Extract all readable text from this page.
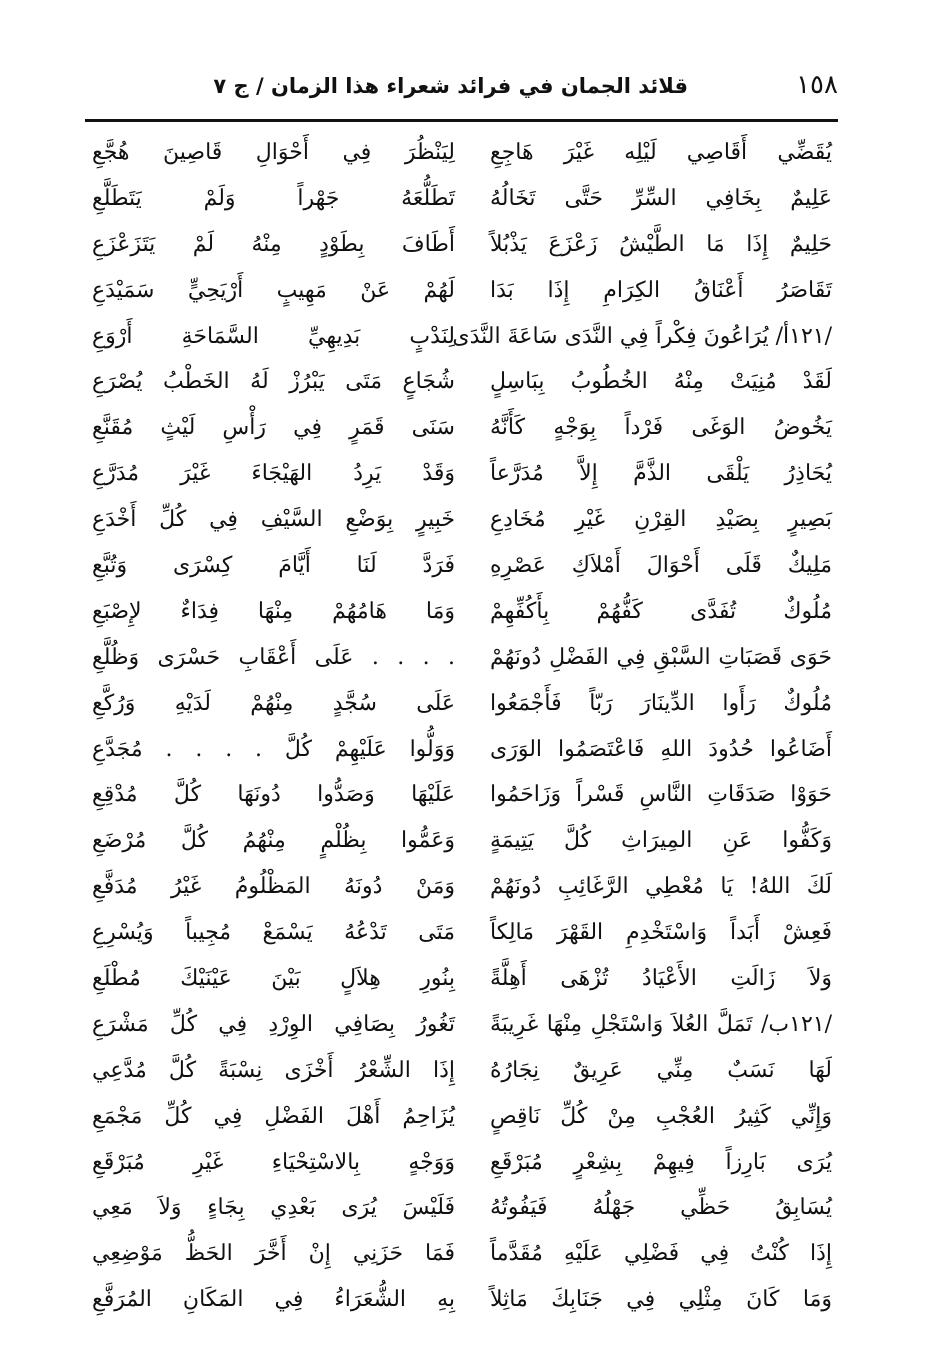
١٥٨
قلائد الجمان في فرائد شعراء هذا الزمان / ج ٧
يُقَضِّي أَقَاصِي لَيْلِه غَيْرَ هَاجِعِ
عَلِيمٌ بِخَافِي السِّرِّ حَتَّى تَخَالُهُ
حَلِيمٌ إِذَا مَا الطَّيْشُ زَعْزَعَ يَذْبُلاً
تَقَاصَرُ أَعْنَاقُ الكِرَامِ إِذَا بَدَا
/١٢١أ/ يُرَاعُونَ فِكْراً فِي النَّدَى سَاعَةَ النَّدَى
لَقَدْ مُنِيَتْ مِنْهُ الخُطُوبُ بِبَاسِلٍ
يَخُوضُ الوَغَى فَرْداً بِوَجْهٍ كَأَنَّهُ
يُحَاذِرُ يَلْقَى الذَّمَّ إِلاَّ مُدَرَّعاً
بَصِيرٍ بِصَيْدِ القِرْنِ غَيْرِ مُخَادِعِ
مَلِيكٌ قَلَى أَحْوَالَ أَمْلاَكِ عَصْرِهِ
مُلُوكٌ تُفَدَّى كَفُّهُمْ بِأَكُفِّهِمْ
حَوَى قَصَبَاتِ السَّبْقِ فِي الفَضْلِ دُونَهُمْ
مُلُوكٌ رَأَوا الدِّينَارَ رَبّاً فَأَجْمَعُوا
أَضَاعُوا حُدُودَ اللهِ فَاعْتَصَمُوا الوَرَى
حَوَوْا صَدَقَاتِ النَّاسِ قَسْراً وَزَاحَمُوا
وَكَفُّوا عَنِ المِيرَاثِ كُلَّ يَتِيمَةٍ
لَكَ اللهُ! يَا مُعْطِي الرَّغَائِبِ دُونَهُمْ
فَعِشْ أَبَداً وَاسْتَخْدِمِ القَهْرَ مَالِكاً
وَلاَ زَالَتِ الأَعْيَادُ تُزْهَى أَهِلَّةً
/١٢١ب/ تَمَلَّ العُلاَ وَاسْتَجْلِ مِنْهَا غَرِيبَةً
لَهَا نَسَبٌ مِنِّي عَرِيقٌ نِجَارُهُ
وَإِنِّي كَثِيرُ العُجْبِ مِنْ كُلِّ نَاقِصٍ
يُرَى بَارِزاً فِيهِمْ بِشِعْرٍ مُبَرْقَعِ
يُسَابِقُ حَظِّي جَهْلُهُ فَيَفُوتُهُ
إِذَا كُنْتُ فِي فَضْلِي عَلَيْهِ مُقَدَّماً
وَمَا كَانَ مِثْلِي فِي جَنَابِكَ مَاثِلاً
لِيَنْظُرَ فِي أَحْوَالِ قَاصِينَ هُجَّعِ
تَطَلُّعَهُ جَهْراً وَلَمْ يَتَطَلَّعِ
أَطَافَ بِطَوْدٍ مِنْهُ لَمْ يَتَزَعْزَعِ
لَهُمْ عَنْ مَهِيبٍ أَرْيَحِيٍّ سَمَيْدَعِ
لِنَدْبٍ بَدِيهِيِّ السَّمَاحَةِ أَرْوَعِ
شُجَاعٍ مَتَى يَبْرُزْ لَهُ الخَطْبُ يُصْرَعِ
سَنَى قَمَرٍ فِي رَأْسِ لَيْثٍ مُقَنَّعِ
وَقَدْ يَرِدُ الهَيْجَاءَ غَيْرَ مُدَرَّعِ
خَبِيرٍ بِوَضْعِ السَّيْفِ فِي كُلِّ أَخْدَعِ
فَرَدَّ لَنَا أَيَّامَ كِسْرَى وَتُبَّعِ
وَمَا هَامُهُمْ مِنْهَا فِدَاءٌ لإِصْبَعِ
. . . . عَلَى أَعْقَابِ حَسْرَى وَظُلَّعِ
عَلَى سُجَّدٍ مِنْهُمْ لَدَيْهِ وَرُكَّعِ
وَوَلُّوا عَلَيْهِمْ كُلَّ . . . . مُجَدَّعِ
عَلَيْهَا وَصَدُّوا دُونَهَا كُلَّ مُدْقِعِ
وَعَمُّوا بِظُلْمٍ مِنْهُمُ كُلَّ مُرْضَعِ
وَمَنْ دُونَهُ المَظْلُومُ غَيْرُ مُدَفَّعِ
مَتَى تَدْعُهُ يَسْمَعْ مُجِيباً وَيُسْرِعِ
بِنُورِ هِلاَلٍ بَيْنَ عَيْنَيْكَ مُطْلَعِ
تَغُورُ بِصَافِي الوِرْدِ فِي كُلِّ مَشْرَعِ
إِذَا الشِّعْرُ أَخْزَى نِسْبَةً كُلَّ مُدَّعِي
يُزَاحِمُ أَهْلَ الفَضْلِ فِي كُلِّ مَجْمَعِ
وَوَجْهٍ بِالاسْتِحْيَاءِ غَيْرِ مُبَرْقَعِ
فَلَيْسَ يُرَى بَعْدِي بِجَاءٍ وَلاَ مَعِي
فَمَا حَزَنِي إِنْ أَخَّرَ الحَظُّ مَوْضِعِي
بِهِ الشُّعَرَاءُ فِي المَكَانِ المُرَفَّعِ
